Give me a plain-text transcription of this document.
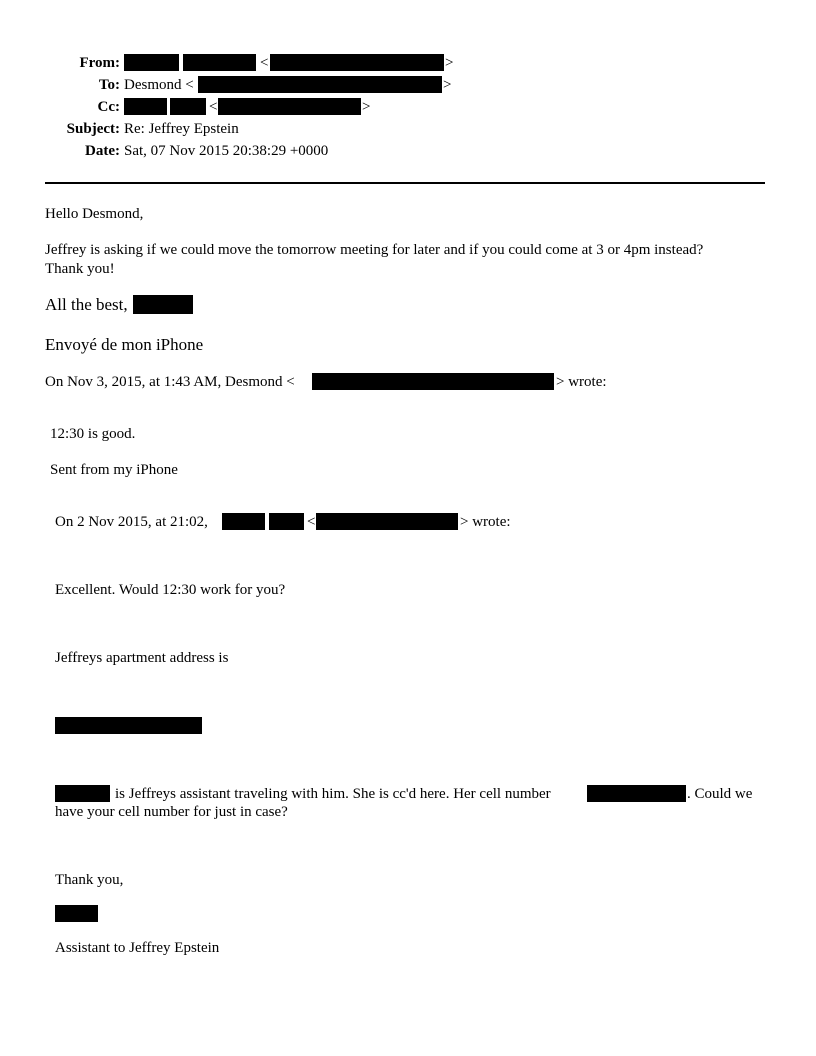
From:	<	>
To: Desmond <	>
Cc:	<	>
Subject: Re: Jeffrey Epstein
Date: Sat, 07 Nov 2015 20:38:29 +0000
Hello Desmond,
Jeffrey is asking if we could move the tomorrow meeting for later and if you could come at 3 or 4pm instead?
Thank you!
All the best,
Envoyé de mon iPhone
On Nov 3, 2015, at 1:43 AM, Desmond <	> wrote:
12:30 is good.
Sent from my iPhone
On 2 Nov 2015, at 21:02,	<	> wrote:
Excellent. Would 12:30 work for you?
Jeffreys apartment address is
is Jeffreys assistant traveling with him. She is cc'd here. Her cell number	. Could we
have your cell number for just in case?
Thank you,
Assistant to Jeffrey Epstein
